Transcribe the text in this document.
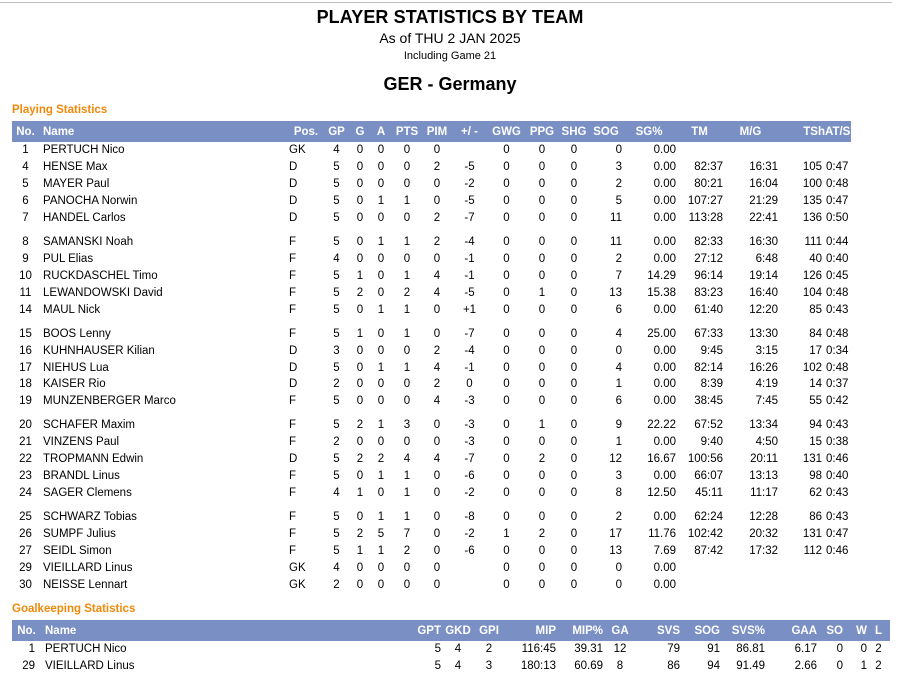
PLAYER STATISTICS BY TEAM
As of THU 2 JAN 2025
Including Game 21
GER - Germany
Playing Statistics
No.	Name	Pos.	GP	G	A	PTS	PIM	+/ -	GWG	PPG	SHG	SOG	SG%	TM	M/G	TSh	AT/S
1	PERTUCH Nico	GK	4	0	0	0	0		0	0	0	0	0.00				
4	HENSE Max	D	5	0	0	0	2	-5	0	0	0	3	0.00	82:37	16:31	105	0:47
5	MAYER Paul	D	5	0	0	0	0	-2	0	0	0	2	0.00	80:21	16:04	100	0:48
6	PANOCHA Norwin	D	5	0	1	1	0	-5	0	0	0	5	0.00	107:27	21:29	135	0:47
7	HANDEL Carlos	D	5	0	0	0	2	-7	0	0	0	11	0.00	113:28	22:41	136	0:50

8	SAMANSKI Noah	F	5	0	1	1	2	-4	0	0	0	11	0.00	82:33	16:30	111	0:44
9	PUL Elias	F	4	0	0	0	0	-1	0	0	0	2	0.00	27:12	6:48	40	0:40
10	RUCKDASCHEL Timo	F	5	1	0	1	4	-1	0	0	0	7	14.29	96:14	19:14	126	0:45
11	LEWANDOWSKI David	F	5	2	0	2	4	-5	0	1	0	13	15.38	83:23	16:40	104	0:48
14	MAUL Nick	F	5	0	1	1	0	+1	0	0	0	6	0.00	61:40	12:20	85	0:43

15	BOOS Lenny	F	5	1	0	1	0	-7	0	0	0	4	25.00	67:33	13:30	84	0:48
16	KUHNHAUSER Kilian	D	3	0	0	0	2	-4	0	0	0	0	0.00	9:45	3:15	17	0:34
17	NIEHUS Lua	D	5	0	1	1	4	-1	0	0	0	4	0.00	82:14	16:26	102	0:48
18	KAISER Rio	D	2	0	0	0	2	0	0	0	0	1	0.00	8:39	4:19	14	0:37
19	MUNZENBERGER Marco	F	5	0	0	0	4	-3	0	0	0	6	0.00	38:45	7:45	55	0:42

20	SCHAFER Maxim	F	5	2	1	3	0	-3	0	1	0	9	22.22	67:52	13:34	94	0:43
21	VINZENS Paul	F	2	0	0	0	0	-3	0	0	0	1	0.00	9:40	4:50	15	0:38
22	TROPMANN Edwin	D	5	2	2	4	4	-7	0	2	0	12	16.67	100:56	20:11	131	0:46
23	BRANDL Linus	F	5	0	1	1	0	-6	0	0	0	3	0.00	66:07	13:13	98	0:40
24	SAGER Clemens	F	4	1	0	1	0	-2	0	0	0	8	12.50	45:11	11:17	62	0:43

25	SCHWARZ Tobias	F	5	0	1	1	0	-8	0	0	0	2	0.00	62:24	12:28	86	0:43
26	SUMPF Julius	F	5	2	5	7	0	-2	1	2	0	17	11.76	102:42	20:32	131	0:47
27	SEIDL Simon	F	5	1	1	2	0	-6	0	0	0	13	7.69	87:42	17:32	112	0:46
29	VIEILLARD Linus	GK	4	0	0	0	0		0	0	0	0	0.00				
30	NEISSE Lennart	GK	2	0	0	0	0		0	0	0	0	0.00				
Goalkeeping Statistics
No.	Name	GPT	GKD	GPI	MIP	MIP%	GA	SVS	SOG	SVS%	GAA	SO	W	L
1	PERTUCH Nico	5	4	2	116:45	39.31	12	79	91	86.81	6.17	0	0	2
29	VIEILLARD Linus	5	4	3	180:13	60.69	8	86	94	91.49	2.66	0	1	2
